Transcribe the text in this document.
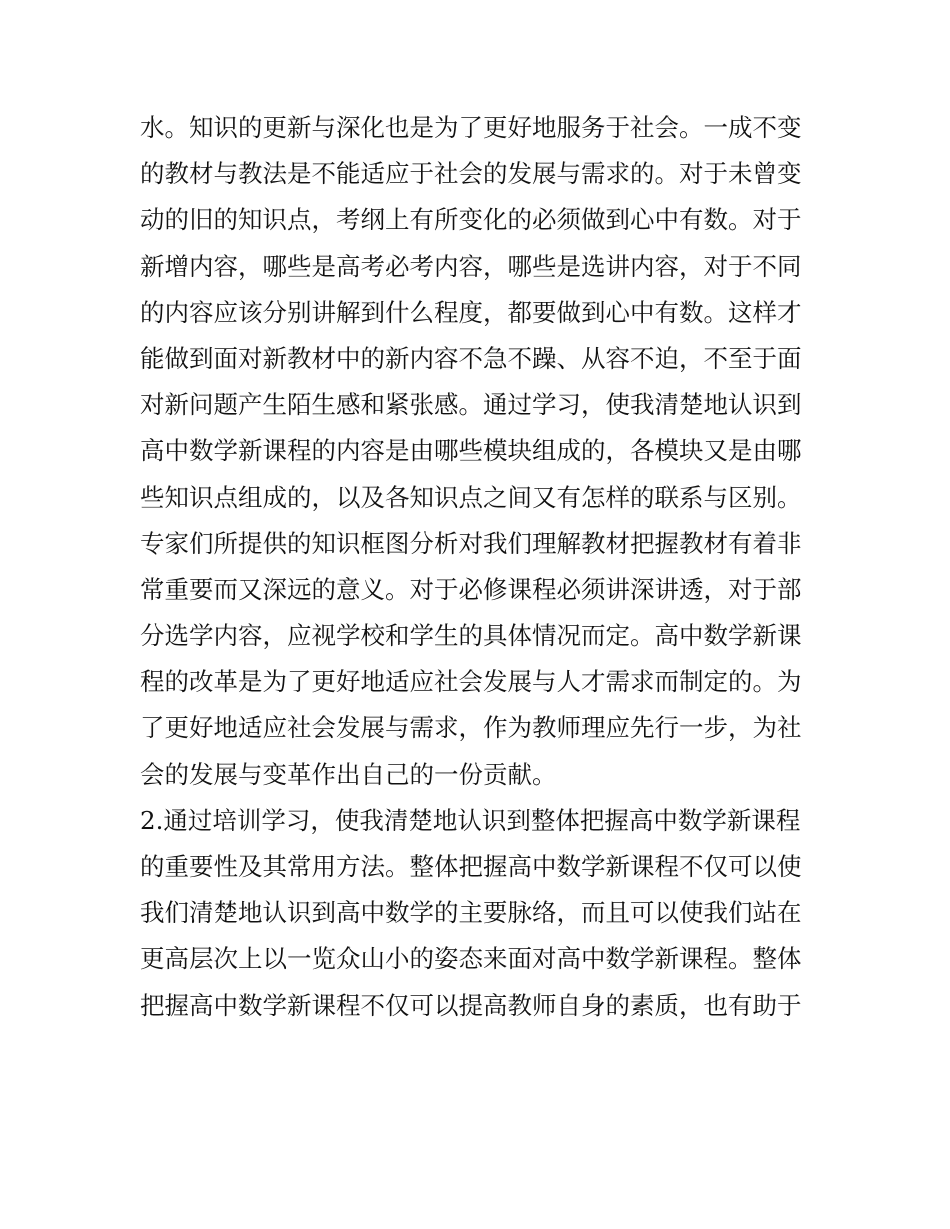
水。知识的更新与深化也是为了更好地服务于社会。一成不变
的教材与教法是不能适应于社会的发展与需求的。对于未曾变
动的旧的知识点，考纲上有所变化的必须做到心中有数。对于
新增内容，哪些是高考必考内容，哪些是选讲内容，对于不同
的内容应该分别讲解到什么程度，都要做到心中有数。这样才
能做到面对新教材中的新内容不急不躁、从容不迫，不至于面
对新问题产生陌生感和紧张感。通过学习，使我清楚地认识到
高中数学新课程的内容是由哪些模块组成的，各模块又是由哪
些知识点组成的，以及各知识点之间又有怎样的联系与区别。
专家们所提供的知识框图分析对我们理解教材把握教材有着非
常重要而又深远的意义。对于必修课程必须讲深讲透，对于部
分选学内容，应视学校和学生的具体情况而定。高中数学新课
程的改革是为了更好地适应社会发展与人才需求而制定的。为
了更好地适应社会发展与需求，作为教师理应先行一步，为社
会的发展与变革作出自己的一份贡献。
2.通过培训学习，使我清楚地认识到整体把握高中数学新课程
的重要性及其常用方法。整体把握高中数学新课程不仅可以使
我们清楚地认识到高中数学的主要脉络，而且可以使我们站在
更高层次上以一览众山小的姿态来面对高中数学新课程。整体
把握高中数学新课程不仅可以提高教师自身的素质，也有助于
